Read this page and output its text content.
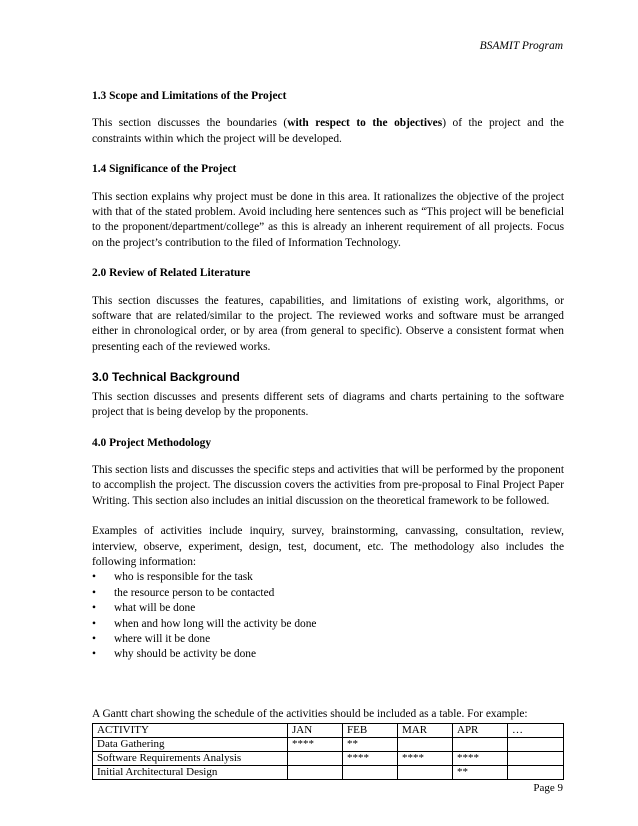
BSAMIT Program
1.3 Scope and Limitations of the Project

This section discusses the boundaries (with respect to the objectives) of the project and the constraints within which the project will be developed.

1.4 Significance of the Project

This section explains why project must be done in this area. It rationalizes the objective of the project with that of the stated problem. Avoid including here sentences such as “This project will be beneficial to the proponent/department/college” as this is already an inherent requirement of all projects. Focus on the project’s contribution to the filed of Information Technology.

2.0 Review of Related Literature

This section discusses the features, capabilities, and limitations of existing work, algorithms, or software that are related/similar to the project. The reviewed works and software must be arranged either in chronological order, or by area (from general to specific). Observe a consistent format when presenting each of the reviewed works.

3.0 Technical Background

This section discusses and presents different sets of diagrams and charts pertaining to the software project that is being develop by the proponents.

4.0 Project Methodology

This section lists and discusses the specific steps and activities that will be performed by the proponent to accomplish the project. The discussion covers the activities from pre-proposal to Final Project Paper Writing. This section also includes an initial discussion on the theoretical framework to be followed.

Examples of activities include inquiry, survey, brainstorming, canvassing, consultation, review, interview, observe, experiment, design, test, document, etc. The methodology also includes the following information:

• who is responsible for the task
• the resource person to be contacted
• what will be done
• when and how long will the activity be done
• where will it be done
• why should be activity be done

A Gantt chart showing the schedule of the activities should be included as a table. For example:

ACTIVITY	JAN	FEB	MAR	APR	…
Data Gathering	****	**			
Software Requirements Analysis		****	****	****	
Initial Architectural Design				**	
Page 9
